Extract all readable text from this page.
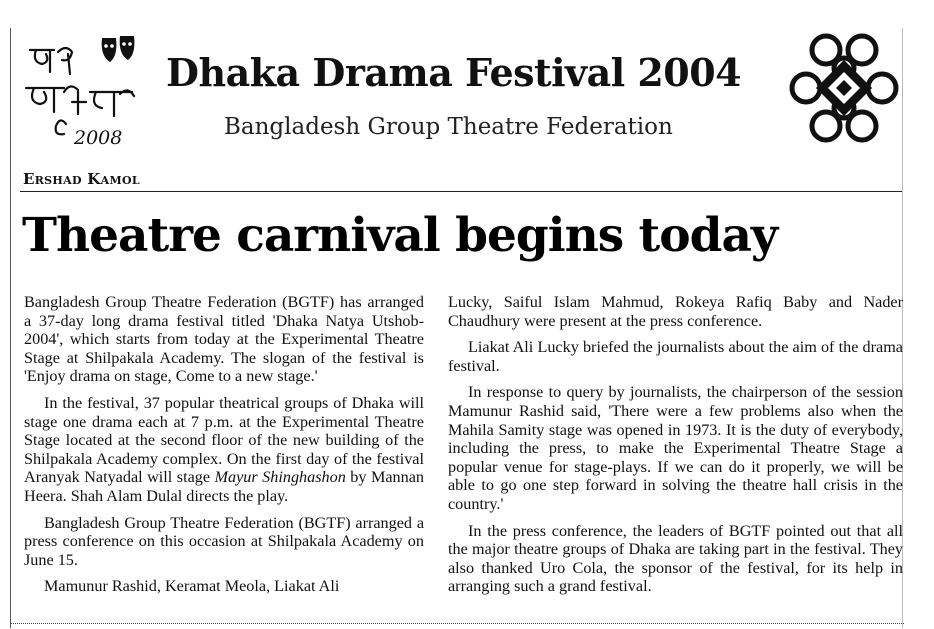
2008
Dhaka Drama Festival 2004
Bangladesh Group Theatre Federation
Ershad Kamol
Theatre carnival begins today

Bangladesh Group Theatre Federation (BGTF) has arranged a 37-day long drama festival titled 'Dhaka Natya Utshob-2004', which starts from today at the Experimental Theatre Stage at Shilpakala Academy. The slogan of the festival is 'Enjoy drama on stage, Come to a new stage.'

In the festival, 37 popular theatrical groups of Dhaka will stage one drama each at 7 p.m. at the Experimental Theatre Stage located at the second floor of the new building of the Shilpakala Academy complex. On the first day of the festival Aranyak Natyadal will stage Mayur Shinghashon by Mannan Heera. Shah Alam Dulal directs the play.

Bangladesh Group Theatre Federation (BGTF) arranged a press conference on this occasion at Shilpakala Academy on June 15.

Mamunur Rashid, Keramat Meola, Liakat Ali

Lucky, Saiful Islam Mahmud, Rokeya Rafiq Baby and Nader Chaudhury were present at the press conference.

Liakat Ali Lucky briefed the journalists about the aim of the drama festival.

In response to query by journalists, the chairperson of the session Mamunur Rashid said, 'There were a few problems also when the Mahila Samity stage was opened in 1973. It is the duty of everybody, including the press, to make the Experimental Theatre Stage a popular venue for stage-plays. If we can do it properly, we will be able to go one step forward in solving the theatre hall crisis in the country.'

In the press conference, the leaders of BGTF pointed out that all the major theatre groups of Dhaka are taking part in the festival. They also thanked Uro Cola, the sponsor of the festival, for its help in arranging such a grand festival.
